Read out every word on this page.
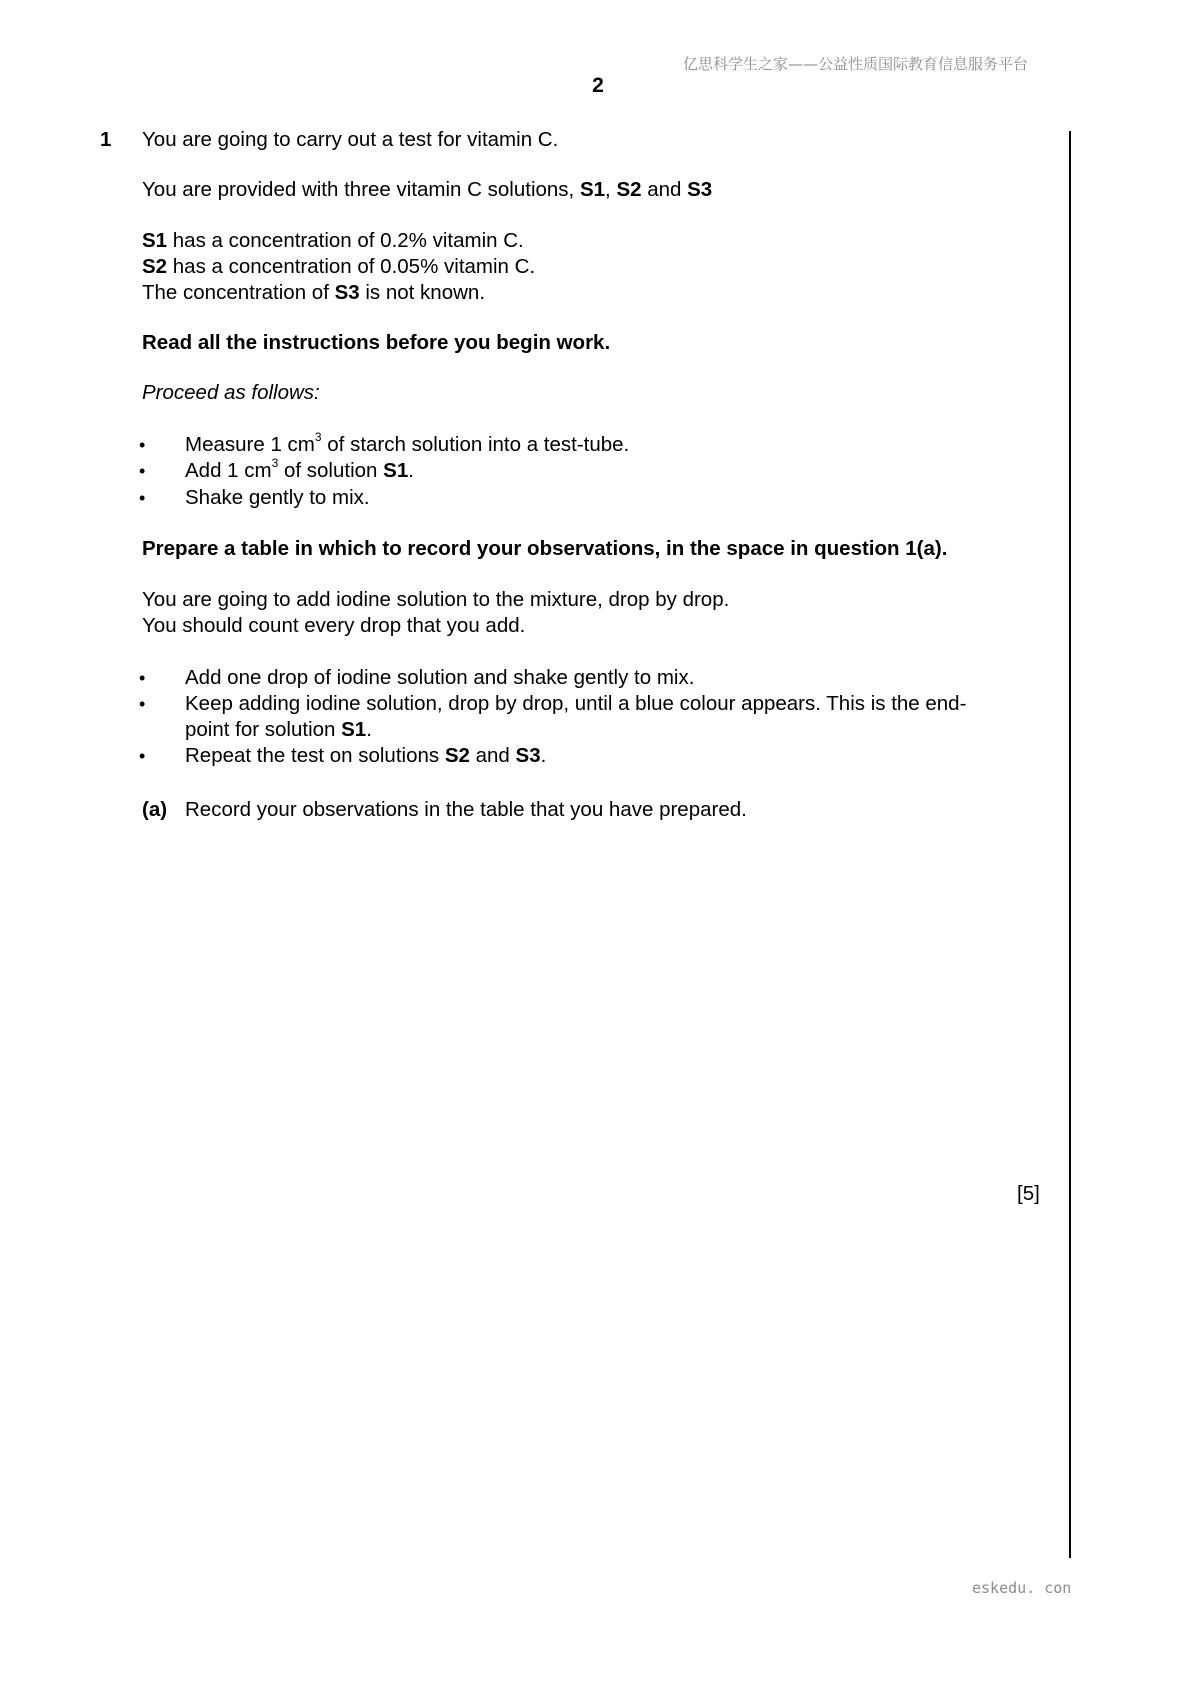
亿思科学生之家——公益性质国际教育信息服务平台
2
1 You are going to carry out a test for vitamin C.
You are provided with three vitamin C solutions, S1, S2 and S3
S1 has a concentration of 0.2% vitamin C.
S2 has a concentration of 0.05% vitamin C.
The concentration of S3 is not known.
Read all the instructions before you begin work.
Proceed as follows:
• Measure 1 $cm^3$ of starch solution into a test-tube.
• Add 1 $cm^3$ of solution S1.
• Shake gently to mix.
Prepare a table in which to record your observations, in the space in question 1(a).
You are going to add iodine solution to the mixture, drop by drop.
You should count every drop that you add.
• Add one drop of iodine solution and shake gently to mix.
• Keep adding iodine solution, drop by drop, until a blue colour appears. This is the end-
point for solution S1.
• Repeat the test on solutions S2 and S3.
(a) Record your observations in the table that you have prepared.
[5]
eskedu. con
